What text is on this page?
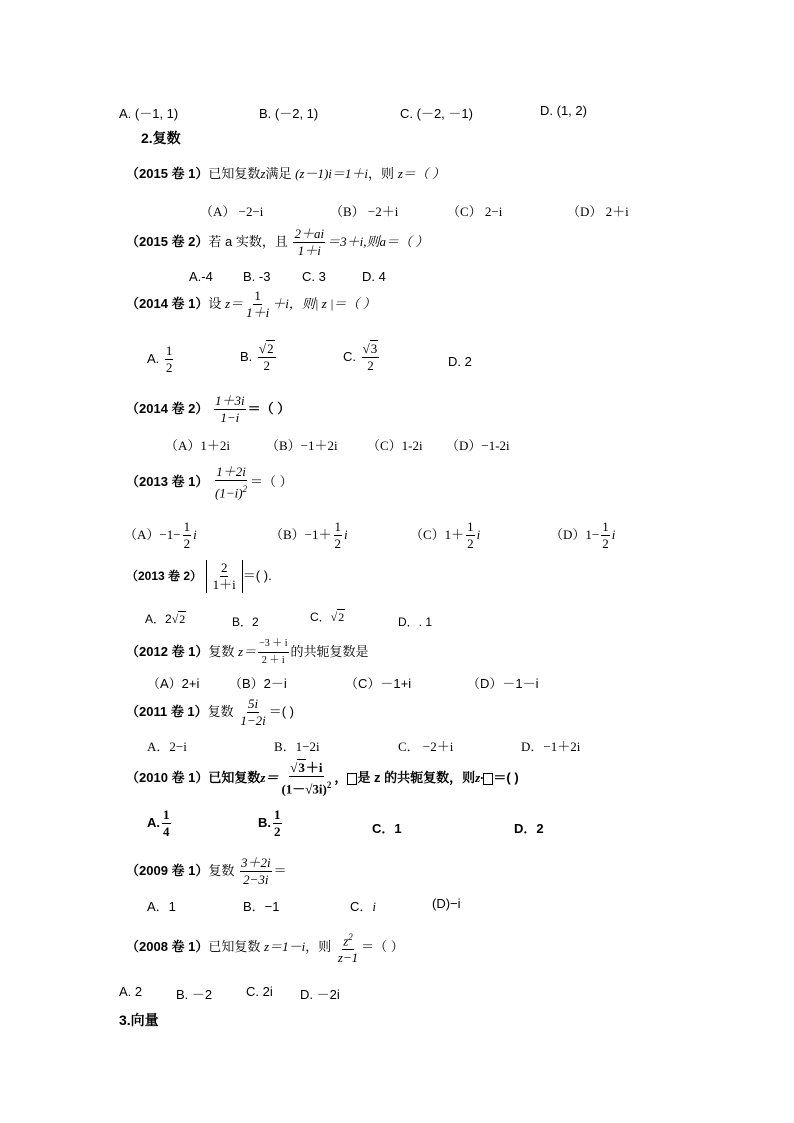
A. (－1, 1)	B. (－2, 1)	C. (－2, －1)	D. (1, 2)
2.复数
（2015 卷 1）已知复数z满足 (z－1)i＝1＋i，则 z＝（ ）
（A） −2−i	（B） −2＋i	（C） 2−i	（D） 2＋i
（2015 卷 2）若 a 实数，且 $\frac{2+ai}{1+i} =3+i$,则a＝（ ）
A.-4 B. -3 C. 3	D. 4
（2014 卷 1）设 $z= \frac{1}{1+i} +i$，则| z |＝（ ）
A. $\frac{1}{2}$	B. $\frac{√2}{2}$	C. $\frac{√3}{2}$	D. 2
（2014 卷 $2) \frac{1+3i}{1-i}$ ＝（ ）
（A）1＋2i	（B）−1＋2i （C）1-2i （D）−1-2i
（2013 卷 $1) \frac{1+2i}{(1-i)^2}$ ＝（ ）
$(A)-1- \frac{1}{2}$ i	$(B)-1+ \frac{1}{2}$ i	$(C)1+ \frac{1}{2}$ i	$(D)1- \frac{1}{2}$ i
（2013 卷 $2) \frac{2}{1+i}$ ＝( ).
A．2√2	B．2	C．√2	D．. 1
（2012 卷 1）复数 $z= \frac{-3 + i}{2 + i}$ 的共轭复数是
（A）2+i （B）2－i	（C）－1+i	（D）－1－i
（2011 卷 1）复数 $\frac{5i}{1-2i}$ ＝( )
A．2−i	B．1−2i	C． −2＋i	D．−1＋2i
（2010 卷 1）已知复数$z= \frac{√3+i}{(1-√3i)^2}$ ， 是 z 的共轭复数，则z· ＝( )
A. $\frac{1}{4}$	B. $\frac{1}{2}$	C．1	D．2
（2009 卷 1）复数 $\frac{3+2i}{2-3i}$ ＝
A．1	B．−1	C．i	(D)−i
（2008 卷 1）已知复数 z＝1－i，则 $\frac{z^2}{z-1}$ ＝（ ）
A. 2	B. －2	C. 2i D. －2i
3.向量
